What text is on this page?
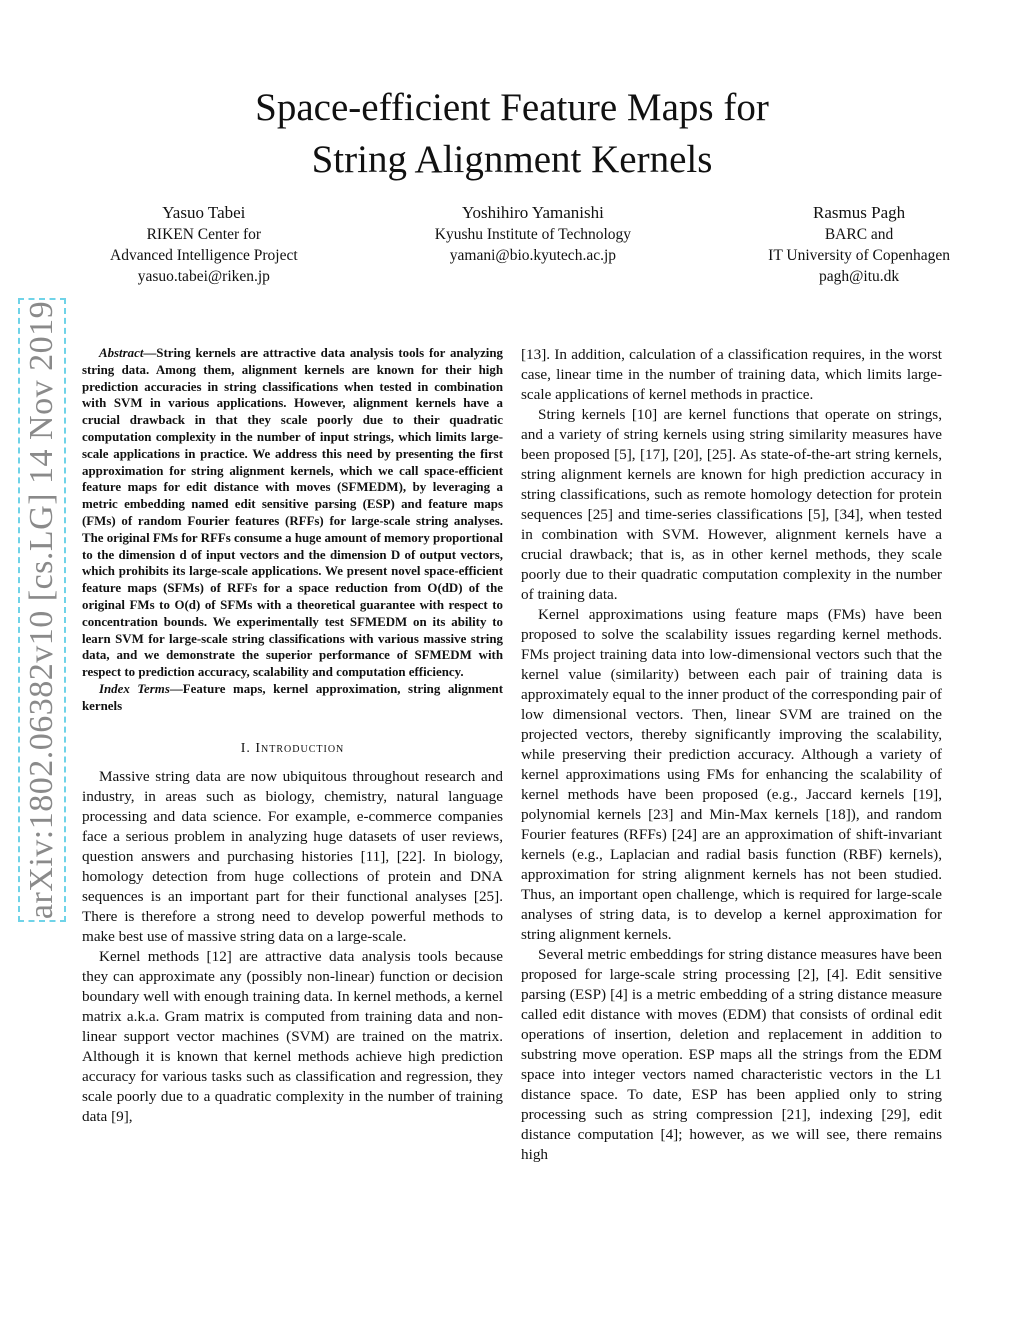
arXiv:1802.06382v10 [cs.LG] 14 Nov 2019
Space-efficient Feature Maps for
String Alignment Kernels
Yasuo Tabei
RIKEN Center for
Advanced Intelligence Project
yasuo.tabei@riken.jp
Yoshihiro Yamanishi
Kyushu Institute of Technology
yamani@bio.kyutech.ac.jp
Rasmus Pagh
BARC and
IT University of Copenhagen
pagh@itu.dk

Abstract—String kernels are attractive data analysis tools for analyzing string data. Among them, alignment kernels are known for their high prediction accuracies in string classifications when tested in combination with SVM in various applications. However, alignment kernels have a crucial drawback in that they scale poorly due to their quadratic computation complexity in the number of input strings, which limits large-scale applications in practice. We address this need by presenting the first approximation for string alignment kernels, which we call space-efficient feature maps for edit distance with moves (SFMEDM), by leveraging a metric embedding named edit sensitive parsing (ESP) and feature maps (FMs) of random Fourier features (RFFs) for large-scale string analyses. The original FMs for RFFs consume a huge amount of memory proportional to the dimension d of input vectors and the dimension D of output vectors, which prohibits its large-scale applications. We present novel space-efficient feature maps (SFMs) of RFFs for a space reduction from O(dD) of the original FMs to O(d) of SFMs with a theoretical guarantee with respect to concentration bounds. We experimentally test SFMEDM on its ability to learn SVM for large-scale string classifications with various massive string data, and we demonstrate the superior performance of SFMEDM with respect to prediction accuracy, scalability and computation efficiency.

Index Terms—Feature maps, kernel approximation, string alignment kernels

I. Introduction

Massive string data are now ubiquitous throughout research and industry, in areas such as biology, chemistry, natural language processing and data science. For example, e-commerce companies face a serious problem in analyzing huge datasets of user reviews, question answers and purchasing histories [11], [22]. In biology, homology detection from huge collections of protein and DNA sequences is an important part for their functional analyses [25]. There is therefore a strong need to develop powerful methods to make best use of massive string data on a large-scale.

Kernel methods [12] are attractive data analysis tools because they can approximate any (possibly non-linear) function or decision boundary well with enough training data. In kernel methods, a kernel matrix a.k.a. Gram matrix is computed from training data and non-linear support vector machines (SVM) are trained on the matrix. Although it is known that kernel methods achieve high prediction accuracy for various tasks such as classification and regression, they scale poorly due to a quadratic complexity in the number of training data [9],

[13]. In addition, calculation of a classification requires, in the worst case, linear time in the number of training data, which limits large-scale applications of kernel methods in practice.

String kernels [10] are kernel functions that operate on strings, and a variety of string kernels using string similarity measures have been proposed [5], [17], [20], [25]. As state-of-the-art string kernels, string alignment kernels are known for high prediction accuracy in string classifications, such as remote homology detection for protein sequences [25] and time-series classifications [5], [34], when tested in combination with SVM. However, alignment kernels have a crucial drawback; that is, as in other kernel methods, they scale poorly due to their quadratic computation complexity in the number of training data.

Kernel approximations using feature maps (FMs) have been proposed to solve the scalability issues regarding kernel methods. FMs project training data into low-dimensional vectors such that the kernel value (similarity) between each pair of training data is approximately equal to the inner product of the corresponding pair of low dimensional vectors. Then, linear SVM are trained on the projected vectors, thereby significantly improving the scalability, while preserving their prediction accuracy. Although a variety of kernel approximations using FMs for enhancing the scalability of kernel methods have been proposed (e.g., Jaccard kernels [19], polynomial kernels [23] and Min-Max kernels [18]), and random Fourier features (RFFs) [24] are an approximation of shift-invariant kernels (e.g., Laplacian and radial basis function (RBF) kernels), approximation for string alignment kernels has not been studied. Thus, an important open challenge, which is required for large-scale analyses of string data, is to develop a kernel approximation for string alignment kernels.

Several metric embeddings for string distance measures have been proposed for large-scale string processing [2], [4]. Edit sensitive parsing (ESP) [4] is a metric embedding of a string distance measure called edit distance with moves (EDM) that consists of ordinal edit operations of insertion, deletion and replacement in addition to substring move operation. ESP maps all the strings from the EDM space into integer vectors named characteristic vectors in the L1 distance space. To date, ESP has been applied only to string processing such as string compression [21], indexing [29], edit distance computation [4]; however, as we will see, there remains high
